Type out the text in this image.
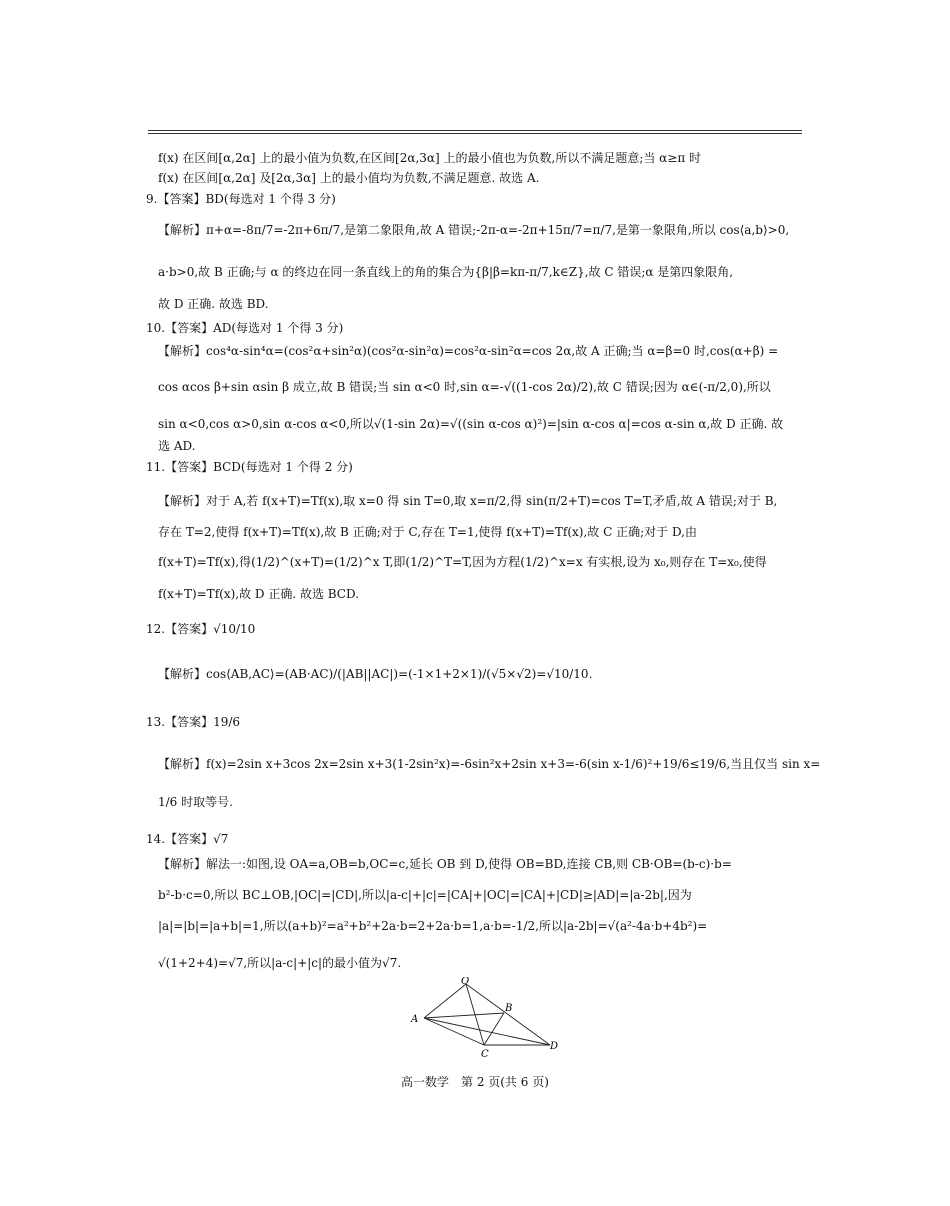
f(x) 在区间[α,2α] 上的最小值为负数,在区间[2α,3α] 上的最小值也为负数,所以不满足题意;当 α≥π 时
f(x) 在区间[α,2α] 及[2α,3α] 上的最小值均为负数,不满足题意. 故选 A.
9.【答案】BD(每选对 1 个得 3 分)
【解析】π+α=-8π/7=-2π+6π/7,是第二象限角,故 A 错误;-2π-α=-2π+15π/7=π/7,是第一象限角,所以 cos⟨a,b⟩>0,
a·b>0,故 B 正确;与 α 的终边在同一条直线上的角的集合为{β|β=kπ-π/7,k∈Z},故 C 错误;α 是第四象限角,
故 D 正确. 故选 BD.
10.【答案】AD(每选对 1 个得 3 分)
【解析】cos⁴α-sin⁴α=(cos²α+sin²α)(cos²α-sin²α)=cos²α-sin²α=cos 2α,故 A 正确;当 α=β=0 时,cos(α+β) =
cos αcos β+sin αsin β 成立,故 B 错误;当 sin α<0 时,sin α=-√((1-cos 2α)/2),故 C 错误;因为 α∈(-π/2,0),所以
sin α<0,cos α>0,sin α-cos α<0,所以√(1-sin 2α)=√((sin α-cos α)²)=|sin α-cos α|=cos α-sin α,故 D 正确. 故
选 AD.
11.【答案】BCD(每选对 1 个得 2 分)
【解析】对于 A,若 f(x+T)=Tf(x),取 x=0 得 sin T=0,取 x=π/2,得 sin(π/2+T)=cos T=T,矛盾,故 A 错误;对于 B,
存在 T=2,使得 f(x+T)=Tf(x),故 B 正确;对于 C,存在 T=1,使得 f(x+T)=Tf(x),故 C 正确;对于 D,由
f(x+T)=Tf(x),得(1/2)^(x+T)=(1/2)^x T,即(1/2)^T=T,因为方程(1/2)^x=x 有实根,设为 x₀,则存在 T=x₀,使得
f(x+T)=Tf(x),故 D 正确. 故选 BCD.
12.【答案】√10/10
【解析】cos⟨AB,AC⟩=(AB·AC)/(|AB||AC|)=(-1×1+2×1)/(√5×√2)=√10/10.
13.【答案】19/6
【解析】f(x)=2sin x+3cos 2x=2sin x+3(1-2sin²x)=-6sin²x+2sin x+3=-6(sin x-1/6)²+19/6≤19/6,当且仅当 sin x=
1/6 时取等号.
14.【答案】√7
【解析】解法一:如图,设 OA=a,OB=b,OC=c,延长 OB 到 D,使得 OB=BD,连接 CB,则 CB·OB=(b-c)·b=
b²-b·c=0,所以 BC⊥OB,|OC|=|CD|,所以|a-c|+|c|=|CA|+|OC|=|CA|+|CD|≥|AD|=|a-2b|,因为
|a|=|b|=|a+b|=1,所以(a+b)²=a²+b²+2a·b=2+2a·b=1,a·b=-1/2,所以|a-2b|=√(a²-4a·b+4b²)=
√(1+2+4)=√7,所以|a-c|+|c|的最小值为√7.
O
A
B
C
D
高一数学　第 2 页(共 6 页)
